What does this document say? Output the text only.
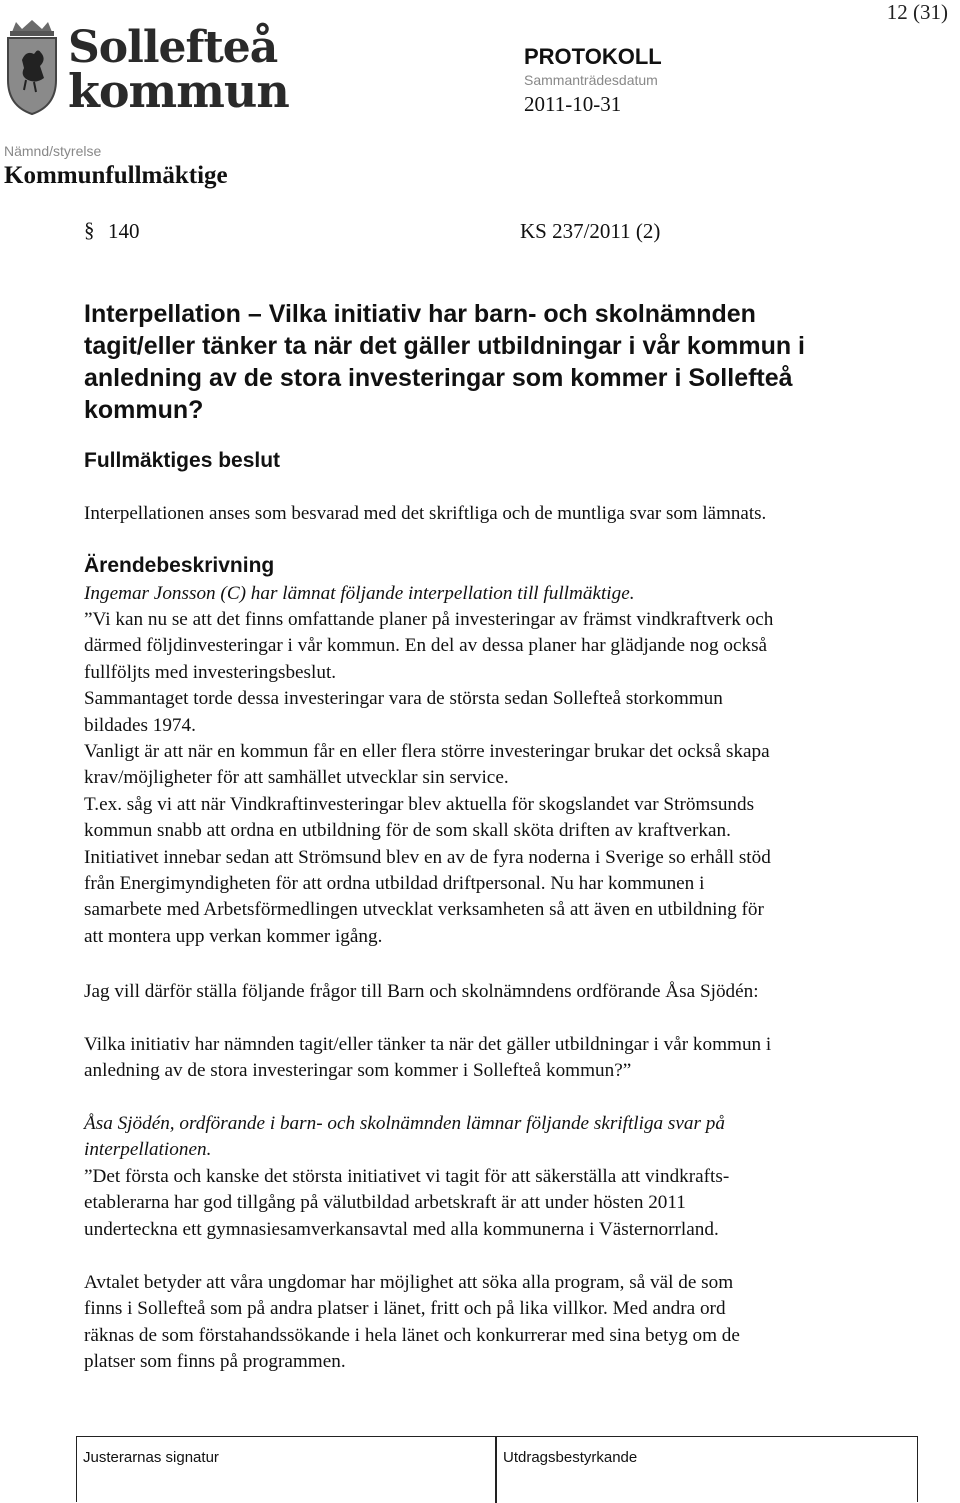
12 (31)
Sollefteå
kommun
PROTOKOLL
Sammanträdesdatum
2011-10-31
Nämnd/styrelse
Kommunfullmäktige
§ 140	KS 237/2011 (2)
Interpellation – Vilka initiativ har barn- och skolnämnden
tagit/eller tänker ta när det gäller utbildningar i vår kommun i
anledning av de stora investeringar som kommer i Sollefteå
kommun?
Fullmäktiges beslut
Interpellationen anses som besvarad med det skriftliga och de muntliga svar som lämnats.
Ärendebeskrivning
Ingemar Jonsson (C) har lämnat följande interpellation till fullmäktige.
”Vi kan nu se att det finns omfattande planer på investeringar av främst vindkraftverk och
därmed följdinvesteringar i vår kommun. En del av dessa planer har glädjande nog också
fullföljts med investeringsbeslut.
Sammantaget torde dessa investeringar vara de största sedan Sollefteå storkommun
bildades 1974.
Vanligt är att när en kommun får en eller flera större investeringar brukar det också skapa
krav/möjligheter för att samhället utvecklar sin service.
T.ex. såg vi att när Vindkraftinvesteringar blev aktuella för skogslandet var Strömsunds
kommun snabb att ordna en utbildning för de som skall sköta driften av kraftverkan.
Initiativet innebar sedan att Strömsund blev en av de fyra noderna i Sverige so erhåll stöd
från Energimyndigheten för att ordna utbildad driftpersonal. Nu har kommunen i
samarbete med Arbetsförmedlingen utvecklat verksamheten så att även en utbildning för
att montera upp verkan kommer igång.
Jag vill därför ställa följande frågor till Barn och skolnämndens ordförande Åsa Sjödén:
Vilka initiativ har nämnden tagit/eller tänker ta när det gäller utbildningar i vår kommun i
anledning av de stora investeringar som kommer i Sollefteå kommun?”
Åsa Sjödén, ordförande i barn- och skolnämnden lämnar följande skriftliga svar på
interpellationen.
”Det första och kanske det största initiativet vi tagit för att säkerställa att vindkrafts-
etablerarna har god tillgång på välutbildad arbetskraft är att under hösten 2011
underteckna ett gymnasiesamverkansavtal med alla kommunerna i Västernorrland.
Avtalet betyder att våra ungdomar har möjlighet att söka alla program, så väl de som
finns i Sollefteå som på andra platser i länet, fritt och på lika villkor. Med andra ord
räknas de som förstahandssökande i hela länet och konkurrerar med sina betyg om de
platser som finns på programmen.
Justerarnas signatur	Utdragsbestyrkande
